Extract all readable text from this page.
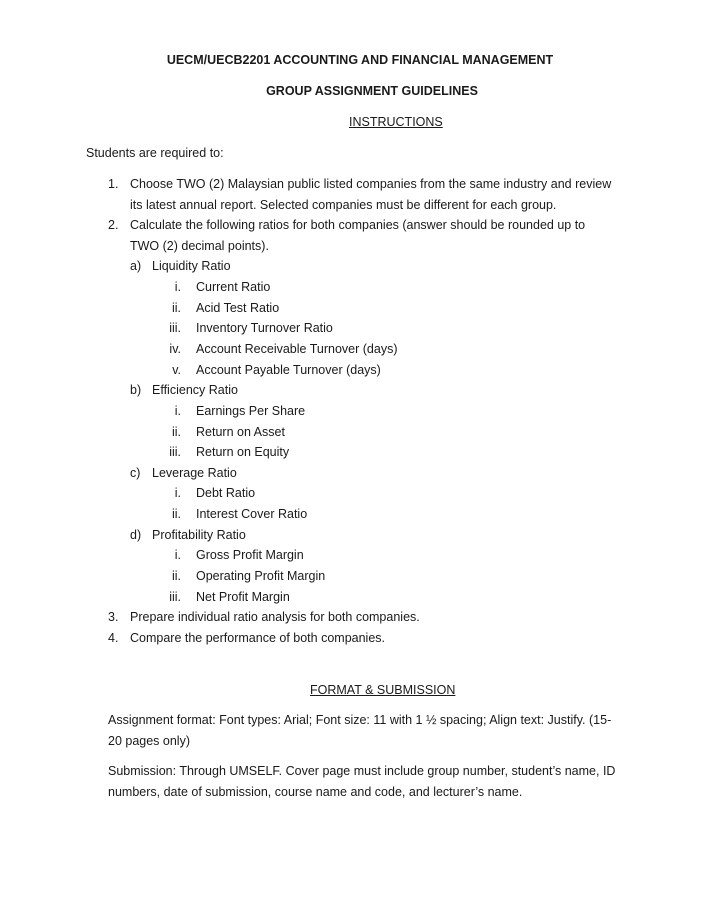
UECM/UECB2201 ACCOUNTING AND FINANCIAL MANAGEMENT
GROUP ASSIGNMENT GUIDELINES
INSTRUCTIONS
Students are required to:
1. Choose TWO (2) Malaysian public listed companies from the same industry and review
its latest annual report. Selected companies must be different for each group.
2. Calculate the following ratios for both companies (answer should be rounded up to
TWO (2) decimal points).
a) Liquidity Ratio
i. Current Ratio
ii. Acid Test Ratio
iii. Inventory Turnover Ratio
iv. Account Receivable Turnover (days)
v. Account Payable Turnover (days)
b) Efficiency Ratio
i. Earnings Per Share
ii. Return on Asset
iii. Return on Equity
c) Leverage Ratio
i. Debt Ratio
ii. Interest Cover Ratio
d) Profitability Ratio
i. Gross Profit Margin
ii. Operating Profit Margin
iii. Net Profit Margin
3. Prepare individual ratio analysis for both companies.
4. Compare the performance of both companies.
FORMAT & SUBMISSION
Assignment format: Font types: Arial; Font size: 11 with 1 ½ spacing; Align text: Justify. (15-
20 pages only)
Submission: Through UMSELF. Cover page must include group number, student’s name, ID
numbers, date of submission, course name and code, and lecturer’s name.
